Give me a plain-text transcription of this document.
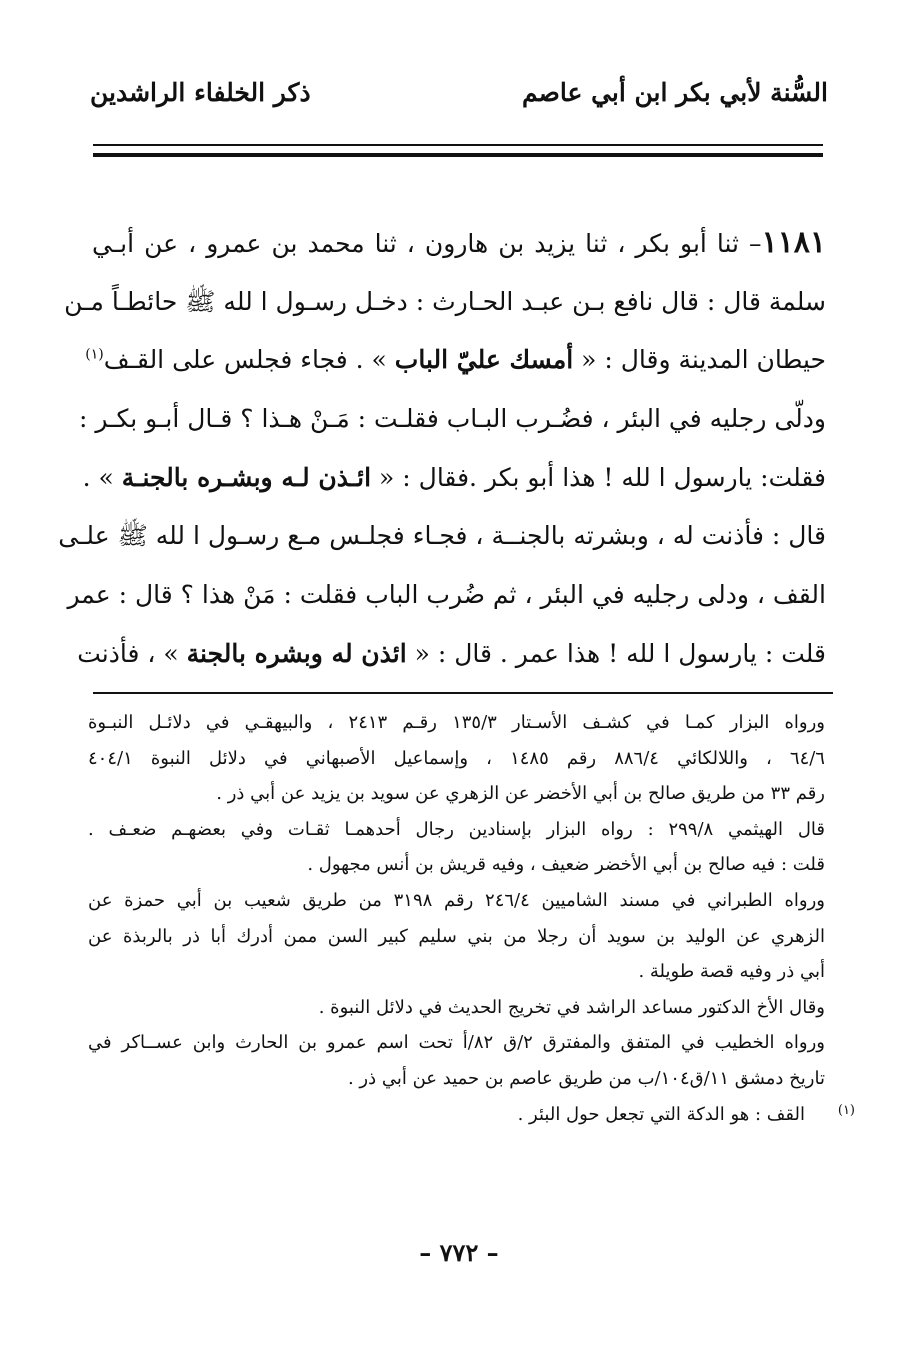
السُّنة لأبي بكر ابن أبي عاصم
ذكر الخلفاء الراشدين
١١٨١– ثنا أبو بكر ، ثنا يزيد بن هارون ، ثنا محمد بن عمرو ، عن أبـي
سلمة قال : قال نافع بـن عبـد الحـارث : دخـل رسـول ا لله ﷺ حائطـاً مـن
حيطان المدينة وقال : « أمسك عليّ الباب » . فجاء فجلس على القـف$^{(١)}$
ودلّى رجليه في البئر ، فضُـرب البـاب فقلـت : مَـنْ هـذا ؟ قـال أبـو بكـر :
فقلت: يارسول ا لله ! هذا أبو بكر .فقال : « ائـذن لـه وبشـره بالجنـة » .
قال : فأذنت له ، وبشرته بالجنــة ، فجـاء فجلـس مـع رسـول ا لله ﷺ علـى
القف ، ودلى رجليه في البئر ، ثم ضُرب الباب فقلت : مَنْ هذا ؟ قال : عمر
قلت : يارسول ا لله ! هذا عمر . قال : « ائذن له وبشره بالجنة » ، فأذنت
ورواه البزار كمـا في كشـف الأسـتار ١٣٥/٣ رقـم ٢٤١٣ ، والبيهقـي في دلائـل النبـوة
٦٤/٦ ، واللالكائي ٨٨٦/٤ رقم ١٤٨٥ ، وإسماعيل الأصبهاني في دلائل النبوة ٤٠٤/١
رقم ٣٣ من طريق صالح بن أبي الأخضر عن الزهري عن سويد بن يزيد عن أبي ذر .
قال الهيثمي ٢٩٩/٨ : رواه البزار بإسنادين رجال أحدهمـا ثقـات وفي بعضهـم ضعـف .
قلت : فيه صالح بن أبي الأخضر ضعيف ، وفيه قريش بن أنس مجهول .
ورواه الطبراني في مسند الشاميين ٢٤٦/٤ رقم ٣١٩٨ من طريق شعيب بن أبي حمزة عن
الزهري عن الوليد بن سويد أن رجلا من بني سليم كبير السن ممن أدرك أبا ذر بالربذة عن
أبي ذر وفيه قصة طويلة .
وقال الأخ الدكتور مساعد الراشد في تخريج الحديث في دلائل النبوة .
ورواه الخطيب في المتفق والمفترق ٢/ق ٨٢/أ تحت اسم عمرو بن الحارث وابن عســاكر في
تاريخ دمشق ١١/ق١٠٤/ب من طريق عاصم بن حميد عن أبي ذر .
(١)
القف : هو الدكة التي تجعل حول البئر .
– ٧٧٢ –
